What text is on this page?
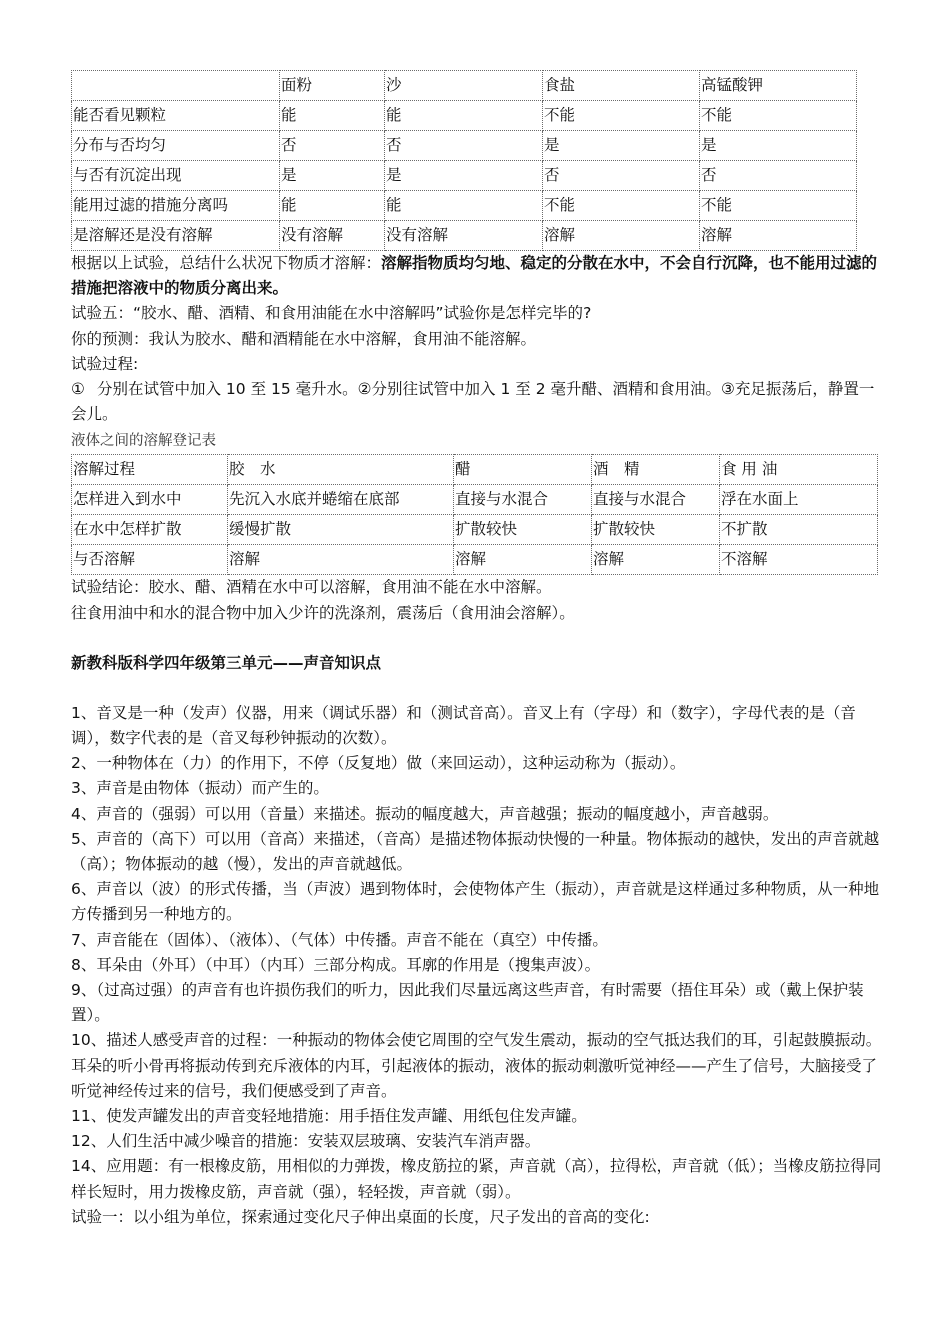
	面粉	沙	食盐	高锰酸钾
能否看见颗粒	能	能	不能	不能
分布与否均匀	否	否	是	是
与否有沉淀出现	是	是	否	否
能用过滤的措施分离吗	能	能	不能	不能
是溶解还是没有溶解	没有溶解	没有溶解	溶解	溶解

根据以上试验，总结什么状况下物质才溶解：溶解指物质均匀地、稳定的分散在水中，不会自行沉降，也不能用过滤的措施把溶液中的物质分离出来。

试验五：“胶水、醋、酒精、和食用油能在水中溶解吗”试验你是怎样完毕的?

你的预测：我认为胶水、醋和酒精能在水中溶解，食用油不能溶解。

试验过程:

① 分别在试管中加入 10 至 15 毫升水。②分别往试管中加入 1 至 2 毫升醋、酒精和食用油。③充足振荡后，静置一会儿。

液体之间的溶解登记表

溶解过程	胶　水	醋	酒　精	食 用 油
怎样进入到水中	先沉入水底并蜷缩在底部	直接与水混合	直接与水混合	浮在水面上
在水中怎样扩散	缓慢扩散	扩散较快	扩散较快	不扩散
与否溶解	溶解	溶解	溶解	不溶解

试验结论：胶水、醋、酒精在水中可以溶解，食用油不能在水中溶解。

往食用油中和水的混合物中加入少许的洗涤剂，震荡后（食用油会溶解）。

新教科版科学四年级第三单元——声音知识点

1、音叉是一种（发声）仪器，用来（调试乐器）和（测试音高）。音叉上有（字母）和（数字），字母代表的是（音调），数字代表的是（音叉每秒钟振动的次数）。

2、一种物体在（力）的作用下，不停（反复地）做（来回运动），这种运动称为（振动）。

3、声音是由物体（振动）而产生的。

4、声音的（强弱）可以用（音量）来描述。振动的幅度越大，声音越强；振动的幅度越小，声音越弱。

5、声音的（高下）可以用（音高）来描述，（音高）是描述物体振动快慢的一种量。物体振动的越快，发出的声音就越（高）；物体振动的越（慢），发出的声音就越低。

6、声音以（波）的形式传播，当（声波）遇到物体时，会使物体产生（振动），声音就是这样通过多种物质，从一种地方传播到另一种地方的。

7、声音能在（固体）、（液体）、（气体）中传播。声音不能在（真空）中传播。

8、耳朵由（外耳）（中耳）（内耳）三部分构成。耳廓的作用是（搜集声波）。

9、（过高过强）的声音有也许损伤我们的听力，因此我们尽量远离这些声音，有时需要（捂住耳朵）或（戴上保护装置）。

10、描述人感受声音的过程：一种振动的物体会使它周围的空气发生震动，振动的空气抵达我们的耳，引起鼓膜振动。耳朵的听小骨再将振动传到充斥液体的内耳，引起液体的振动，液体的振动刺激听觉神经——产生了信号，大脑接受了听觉神经传过来的信号，我们便感受到了声音。

11、使发声罐发出的声音变轻地措施：用手捂住发声罐、用纸包住发声罐。

12、人们生活中减少噪音的措施：安装双层玻璃、安装汽车消声器。

14、应用题：有一根橡皮筋，用相似的力弹拨，橡皮筋拉的紧，声音就（高），拉得松，声音就（低）；当橡皮筋拉得同样长短时，用力拨橡皮筋，声音就（强），轻轻拨，声音就（弱）。

试验一：以小组为单位，探索通过变化尺子伸出桌面的长度，尺子发出的音高的变化:
